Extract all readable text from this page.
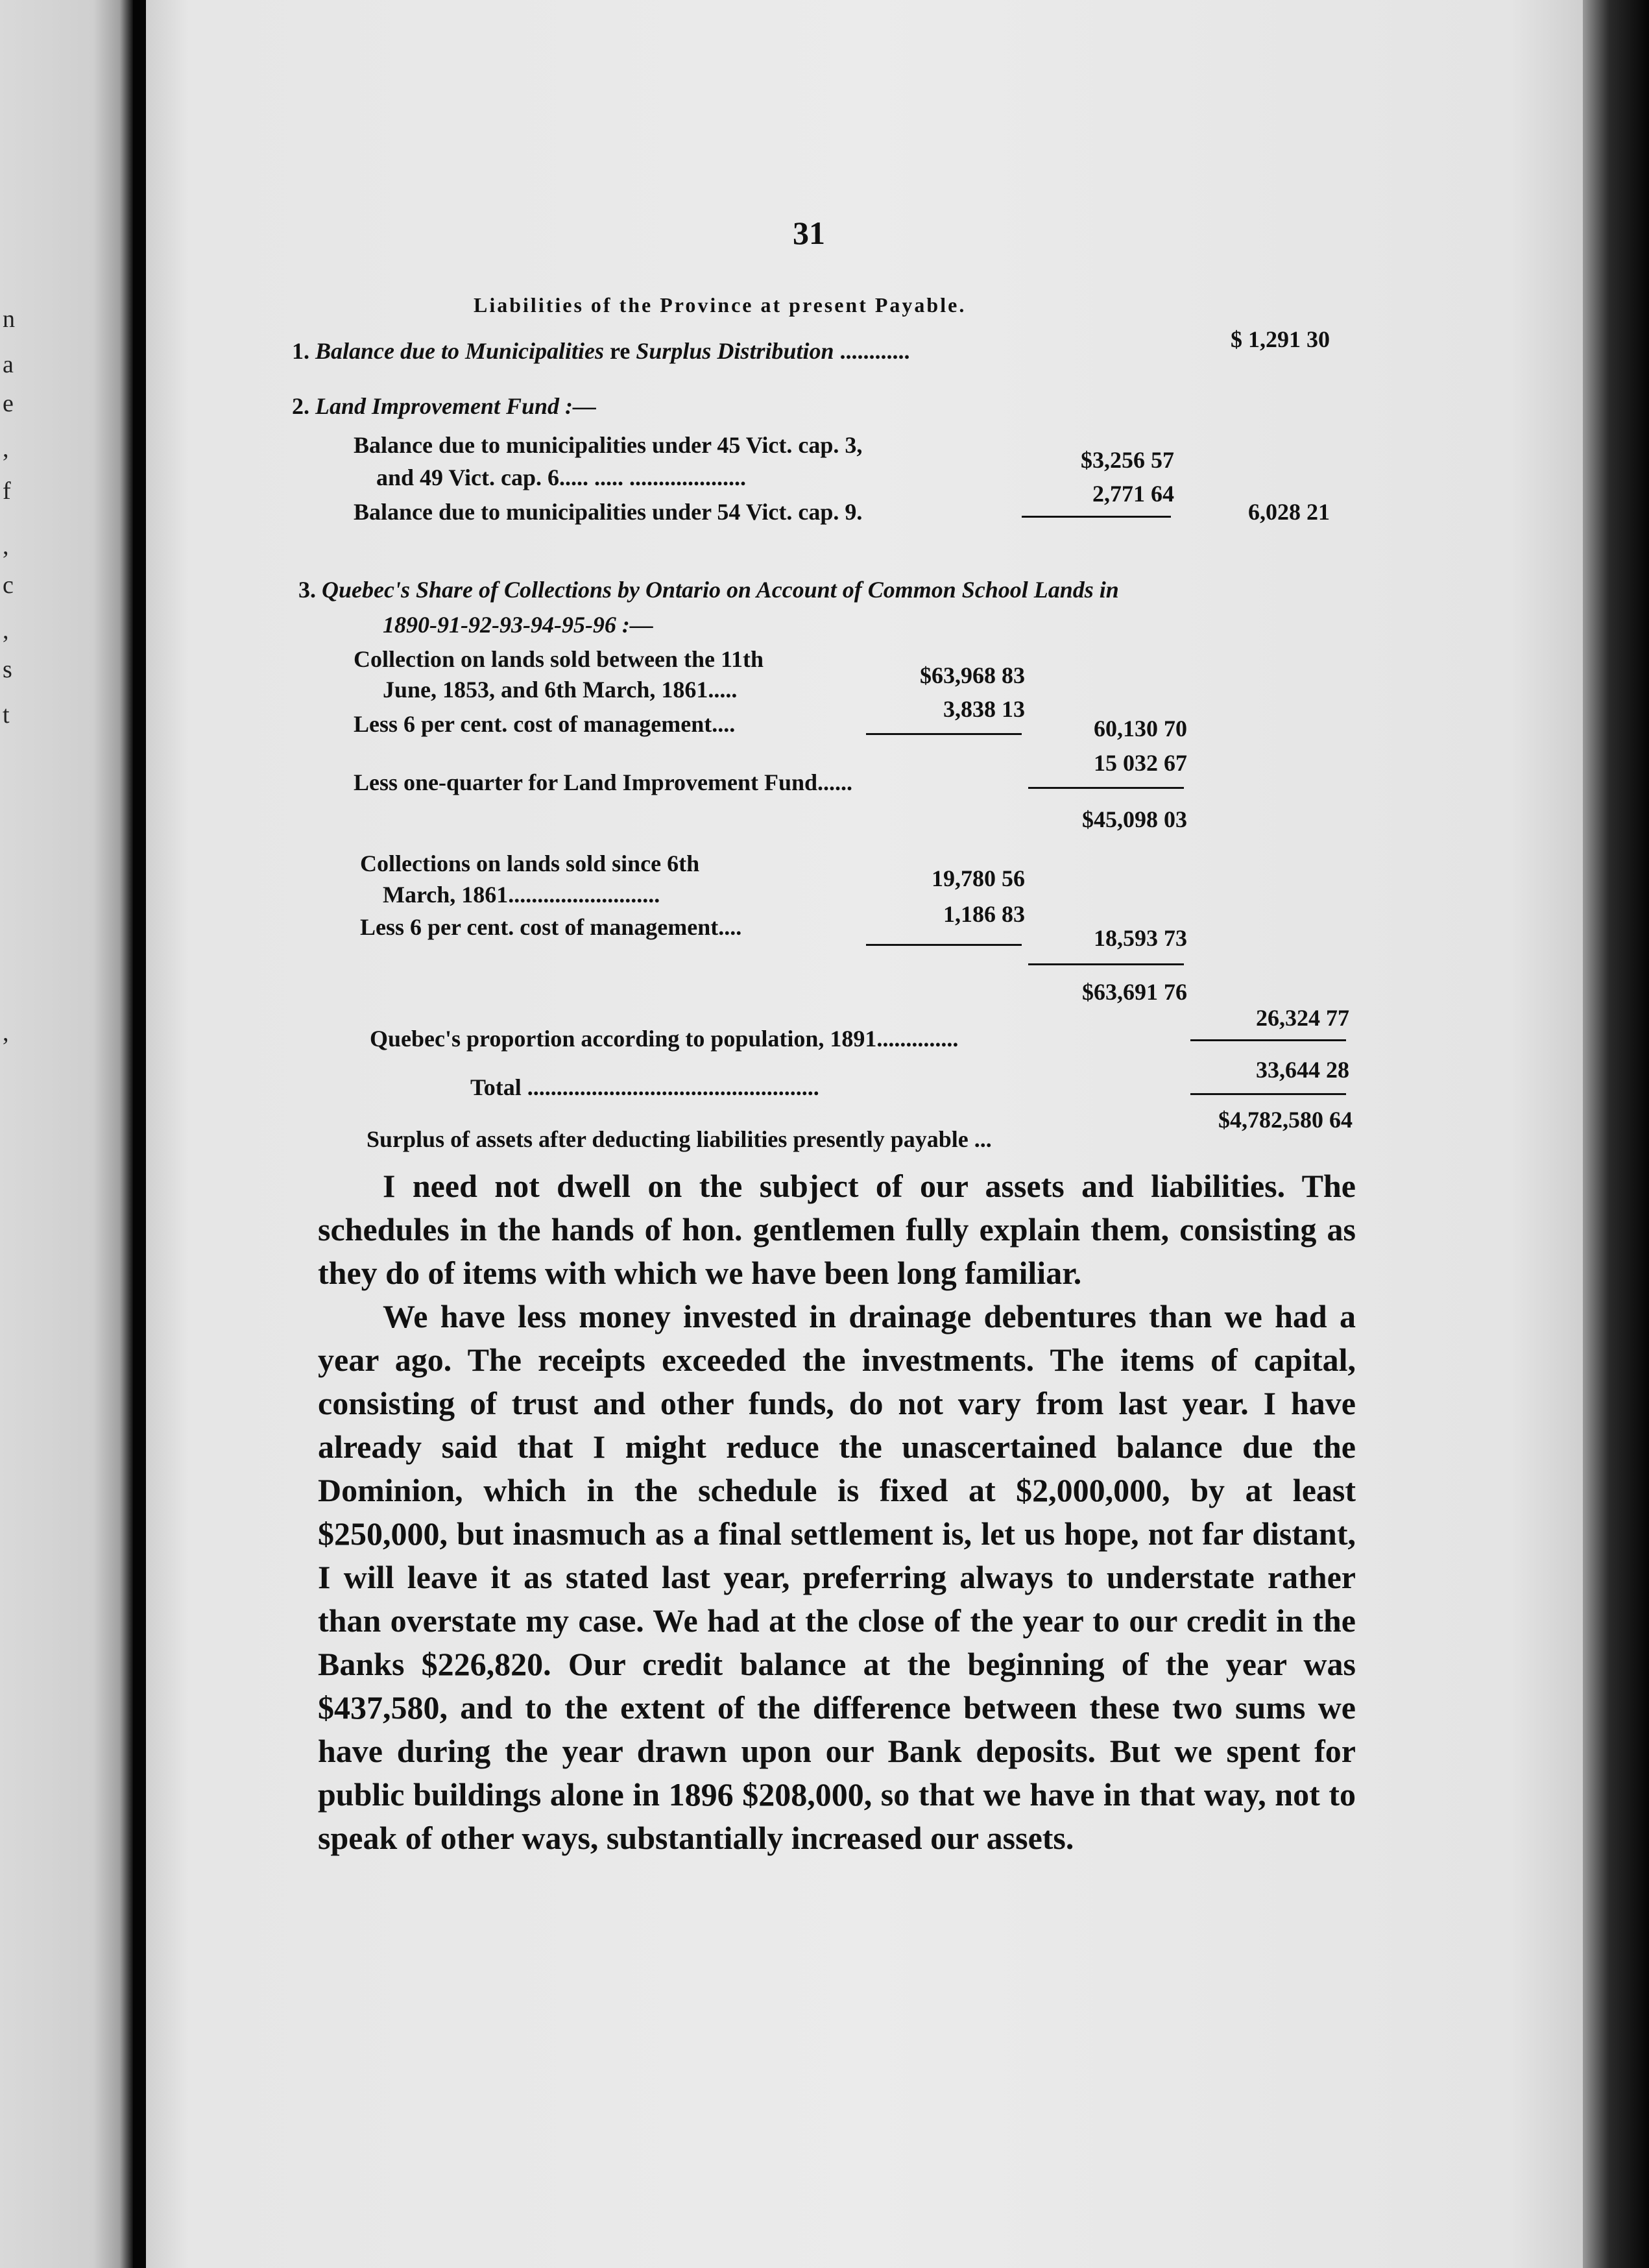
n
a
e
,
f
,
c
,
s
t
,
31
Liabilities of the Province at present Payable.
1. Balance due to Municipalities re Surplus Distribution ............	$ 1,291 30
2. Land Improvement Fund :—
Balance due to municipalities under 45 Vict. cap. 3,
and 49 Vict. cap. 6..... ..... ....................
$3,256 57
Balance due to municipalities under 54 Vict. cap. 9.
2,771 64
6,028 21
3. Quebec's Share of Collections by Ontario on Account of Common School Lands in
1890-91-92-93-94-95-96 :—
Collection on lands sold between the 11th
June, 1853, and 6th March, 1861.....
$63,968 83
Less 6 per cent. cost of management....
3,838 13
60,130 70
Less one-quarter for Land Improvement Fund......
15 032 67
$45,098 03
Collections on lands sold since 6th
March, 1861..........................
19,780 56
Less 6 per cent. cost of management....	1,186 83
18,593 73
$63,691 76
Quebec's proportion according to population, 1891..............
26,324 77
Total ..................................................
33,644 28
Surplus of assets after deducting liabilities presently payable ...
$4,782,580 64

I need not dwell on the subject of our assets and liabilities. The schedules in the hands of hon. gentlemen fully explain them, consisting as they do of items with which we have been long familiar.

We have less money invested in drainage debentures than we had a year ago. The receipts exceeded the investments. The items of capital, consisting of trust and other funds, do not vary from last year. I have already said that I might reduce the unascertained balance due the Dominion, which in the schedule is fixed at $2,000,000, by at least $250,000, but inasmuch as a final settlement is, let us hope, not far distant, I will leave it as stated last year, preferring always to understate rather than overstate my case. We had at the close of the year to our credit in the Banks $226,820. Our credit balance at the beginning of the year was $437,580, and to the extent of the difference between these two sums we have during the year drawn upon our Bank deposits. But we spent for public buildings alone in 1896 $208,000, so that we have in that way, not to speak of other ways, substantially increased our assets.
